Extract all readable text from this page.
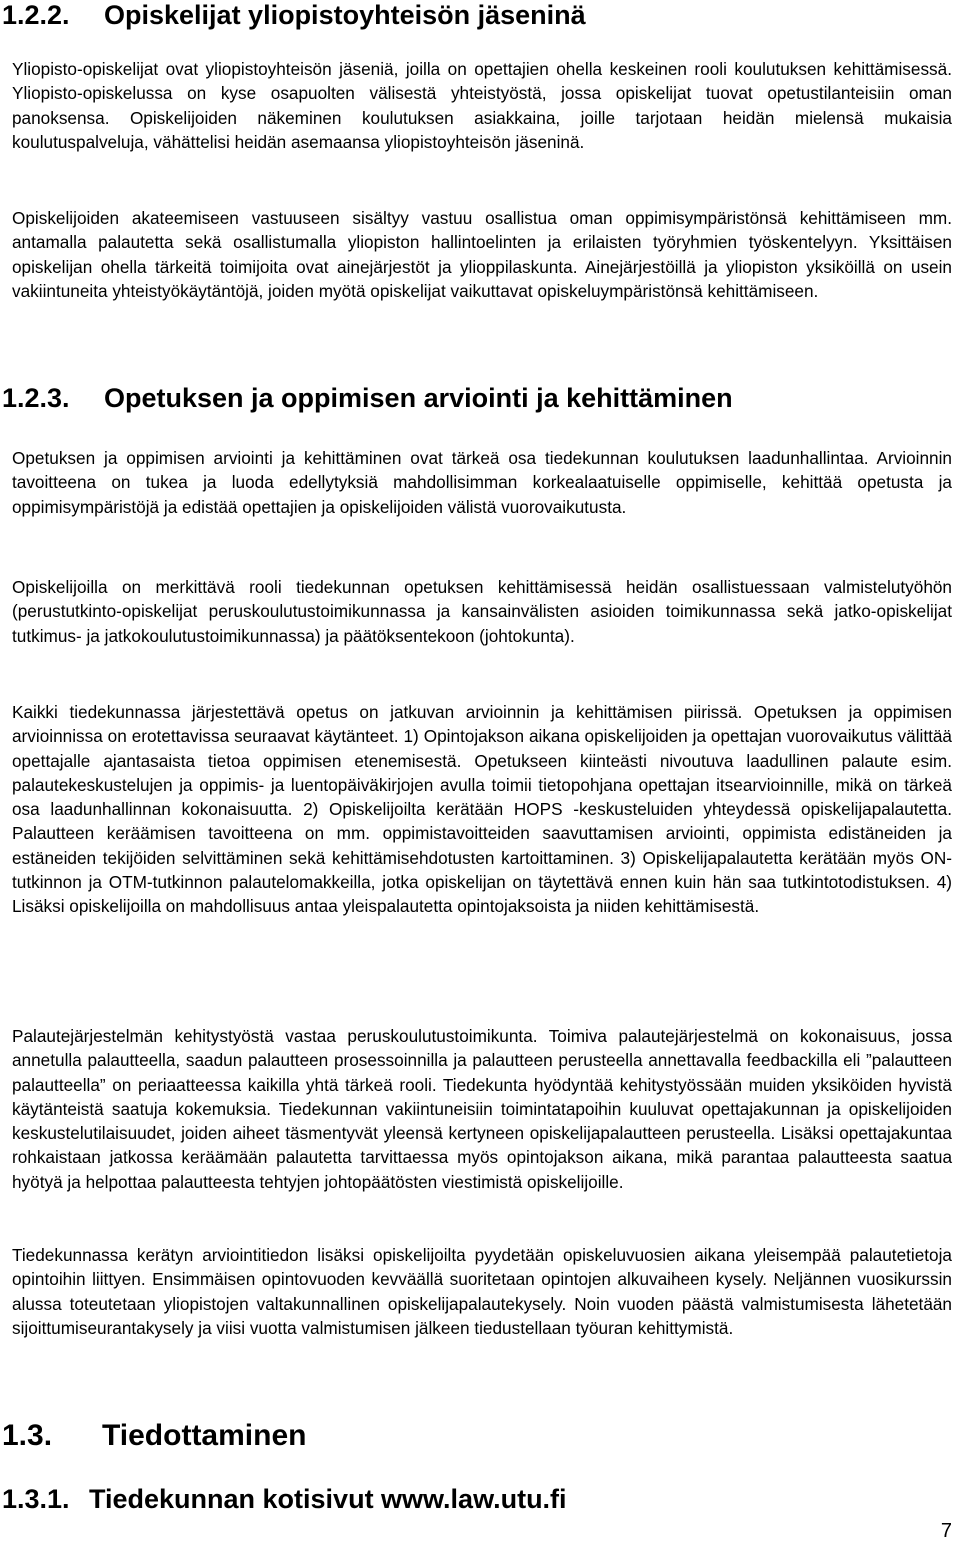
1.2.2. Opiskelijat yliopistoyhteisön jäseninä

Yliopisto-opiskelijat ovat yliopistoyhteisön jäseniä, joilla on opettajien ohella keskeinen rooli koulutuksen kehittämisessä. Yliopisto-opiskelussa on kyse osapuolten välisestä yhteistyöstä, jossa opiskelijat tuovat opetustilanteisiin oman panoksensa. Opiskelijoiden näkeminen koulutuksen asiakkaina, joille tarjotaan heidän mielensä mukaisia koulutuspalveluja, vähättelisi heidän asemaansa yliopistoyhteisön jäseninä.

Opiskelijoiden akateemiseen vastuuseen sisältyy vastuu osallistua oman oppimisympäristönsä kehittämiseen mm. antamalla palautetta sekä osallistumalla yliopiston hallintoelinten ja erilaisten työryhmien työskentelyyn. Yksittäisen opiskelijan ohella tärkeitä toimijoita ovat ainejärjestöt ja ylioppilaskunta. Ainejärjestöillä ja yliopiston yksiköillä on usein vakiintuneita yhteistyökäytäntöjä, joiden myötä opiskelijat vaikuttavat opiskeluympäristönsä kehittämiseen.

1.2.3. Opetuksen ja oppimisen arviointi ja kehittäminen

Opetuksen ja oppimisen arviointi ja kehittäminen ovat tärkeä osa tiedekunnan koulutuksen laadunhallintaa. Arvioinnin tavoitteena on tukea ja luoda edellytyksiä mahdollisimman korkealaatuiselle oppimiselle, kehittää opetusta ja oppimisympäristöjä ja edistää opettajien ja opiskelijoiden välistä vuorovaikutusta.

Opiskelijoilla on merkittävä rooli tiedekunnan opetuksen kehittämisessä heidän osallistuessaan valmistelutyöhön (perustutkinto-opiskelijat peruskoulutustoimikunnassa ja kansainvälisten asioiden toimikunnassa sekä jatko-opiskelijat tutkimus- ja jatkokoulutustoimikunnassa) ja päätöksentekoon (johtokunta).

Kaikki tiedekunnassa järjestettävä opetus on jatkuvan arvioinnin ja kehittämisen piirissä. Opetuksen ja oppimisen arvioinnissa on erotettavissa seuraavat käytänteet. 1) Opintojakson aikana opiskelijoiden ja opettajan vuorovaikutus välittää opettajalle ajantasaista tietoa oppimisen etenemisestä. Opetukseen kiinteästi nivoutuva laadullinen palaute esim. palautekeskustelujen ja oppimis- ja luentopäiväkirjojen avulla toimii tietopohjana opettajan itsearvioinnille, mikä on tärkeä osa laadunhallinnan kokonaisuutta. 2) Opiskelijoilta kerätään HOPS -keskusteluiden yhteydessä opiskelijapalautetta. Palautteen keräämisen tavoitteena on mm. oppimistavoitteiden saavuttamisen arviointi, oppimista edistäneiden ja estäneiden tekijöiden selvittäminen sekä kehittämisehdotusten kartoittaminen. 3) Opiskelijapalautetta kerätään myös ON-tutkinnon ja OTM-tutkinnon palautelomakkeilla, jotka opiskelijan on täytettävä ennen kuin hän saa tutkintotodistuksen. 4) Lisäksi opiskelijoilla on mahdollisuus antaa yleispalautetta opintojaksoista ja niiden kehittämisestä.

Palautejärjestelmän kehitystyöstä vastaa peruskoulutustoimikunta. Toimiva palautejärjestelmä on kokonaisuus, jossa annetulla palautteella, saadun palautteen prosessoinnilla ja palautteen perusteella annettavalla feedbackilla eli ”palautteen palautteella” on periaatteessa kaikilla yhtä tärkeä rooli. Tiedekunta hyödyntää kehitystyössään muiden yksiköiden hyvistä käytänteistä saatuja kokemuksia. Tiedekunnan vakiintuneisiin toimintatapoihin kuuluvat opettajakunnan ja opiskelijoiden keskustelutilaisuudet, joiden aiheet täsmentyvät yleensä kertyneen opiskelijapalautteen perusteella. Lisäksi opettajakuntaa rohkaistaan jatkossa keräämään palautetta tarvittaessa myös opintojakson aikana, mikä parantaa palautteesta saatua hyötyä ja helpottaa palautteesta tehtyjen johtopäätösten viestimistä opiskelijoille.

Tiedekunnassa kerätyn arviointitiedon lisäksi opiskelijoilta pyydetään opiskeluvuosien aikana yleisempää palautetietoja opintoihin liittyen. Ensimmäisen opintovuoden kevväällä suoritetaan opintojen alkuvaiheen kysely. Neljännen vuosikurssin alussa toteutetaan yliopistojen valtakunnallinen opiskelijapalautekysely. Noin vuoden päästä valmistumisesta lähetetään sijoittumiseurantakysely ja viisi vuotta valmistumisen jälkeen tiedustellaan työuran kehittymistä.

1.3. Tiedottaminen
1.3.1. Tiedekunnan kotisivut www.law.utu.fi
7
